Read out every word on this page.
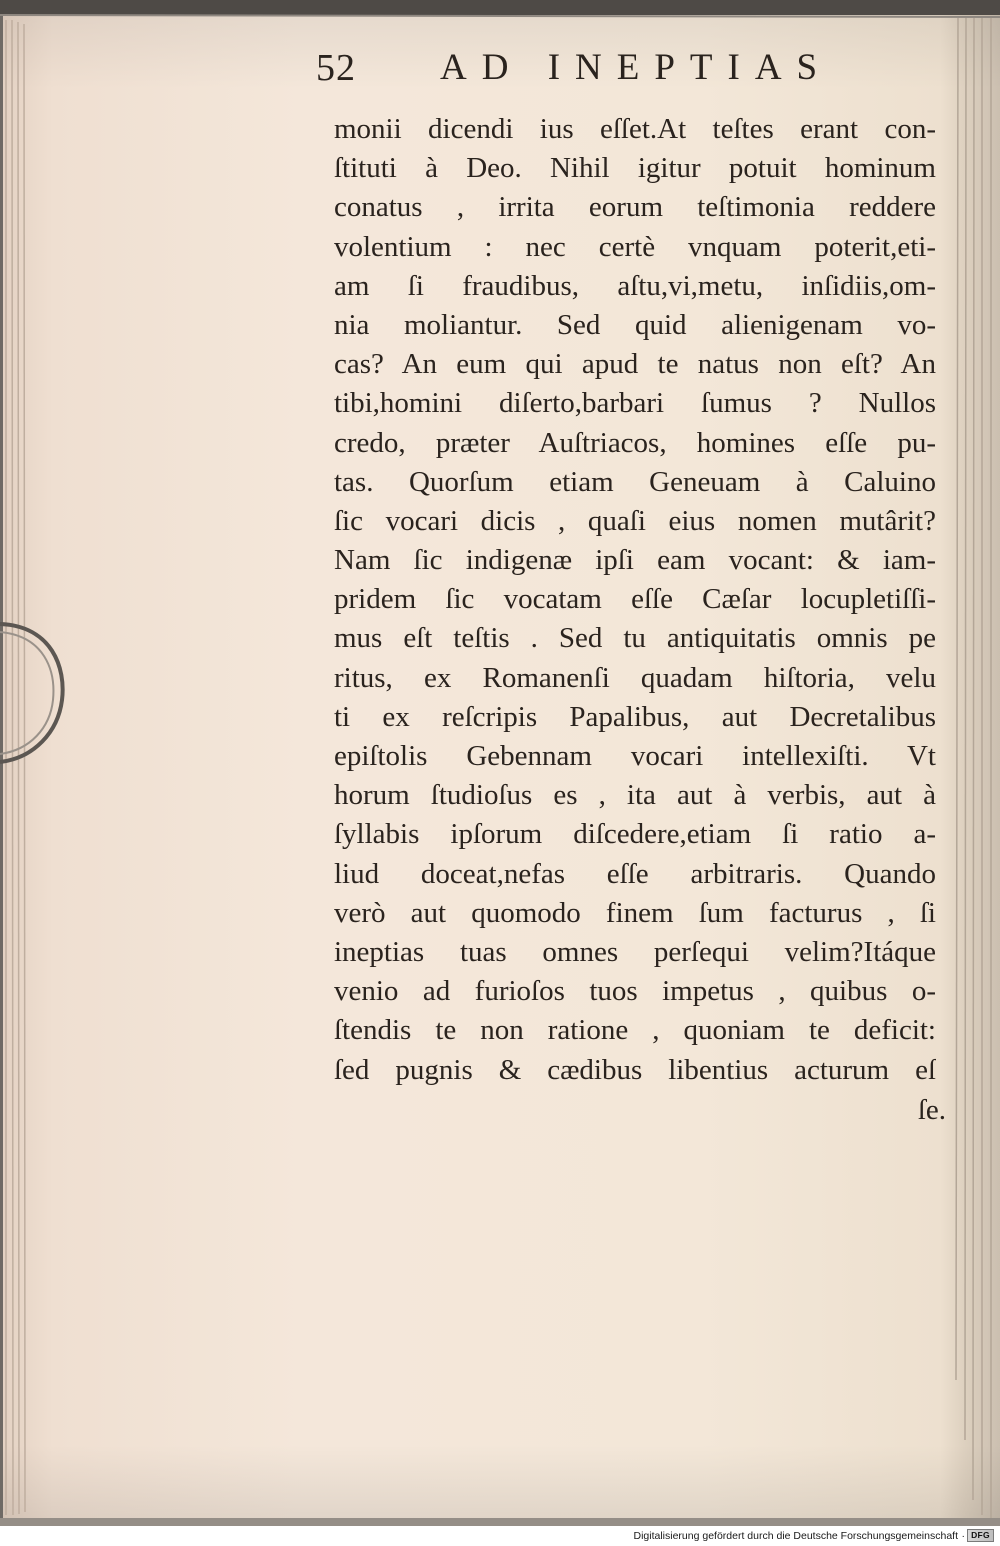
52 AD INEPTIAS
monii dicendi ius eſſet.At teſtes erant con-
ſtituti à Deo. Nihil igitur potuit hominum
conatus , irrita eorum teſtimonia reddere
volentium : nec certè vnquam poterit,eti-
am ſi fraudibus, aſtu,vi,metu, inſidiis,om-
nia moliantur. Sed quid alienigenam vo-
cas? An eum qui apud te natus non eſt? An
tibi,homini diſerto,barbari ſumus ? Nullos
credo, præter Auſtriacos, homines eſſe pu-
tas. Quorſum etiam Geneuam à Caluino
ſic vocari dicis , quaſi eius nomen mutârit?
Nam ſic indigenæ ipſi eam vocant: & iam-
pridem ſic vocatam eſſe Cæſar locupletiſſi-
mus eſt teſtis . Sed tu antiquitatis omnis pe
ritus, ex Romanenſi quadam hiſtoria, velu
ti ex reſcripis Papalibus, aut Decretalibus
epiſtolis Gebennam vocari intellexiſti. Vt
horum ſtudioſus es , ita aut à verbis, aut à
ſyllabis ipſorum diſcedere,etiam ſi ratio a-
liud doceat,nefas eſſe arbitraris. Quando
verò aut quomodo finem ſum facturus , ſi
ineptias tuas omnes perſequi velim?Itáque
venio ad furioſos tuos impetus , quibus o-
ſtendis te non ratione , quoniam te deficit:
ſed pugnis & cædibus libentius acturum eſ
ſe.
Digitalisierung gefördert durch die Deutsche Forschungsgemeinschaft · DFG
